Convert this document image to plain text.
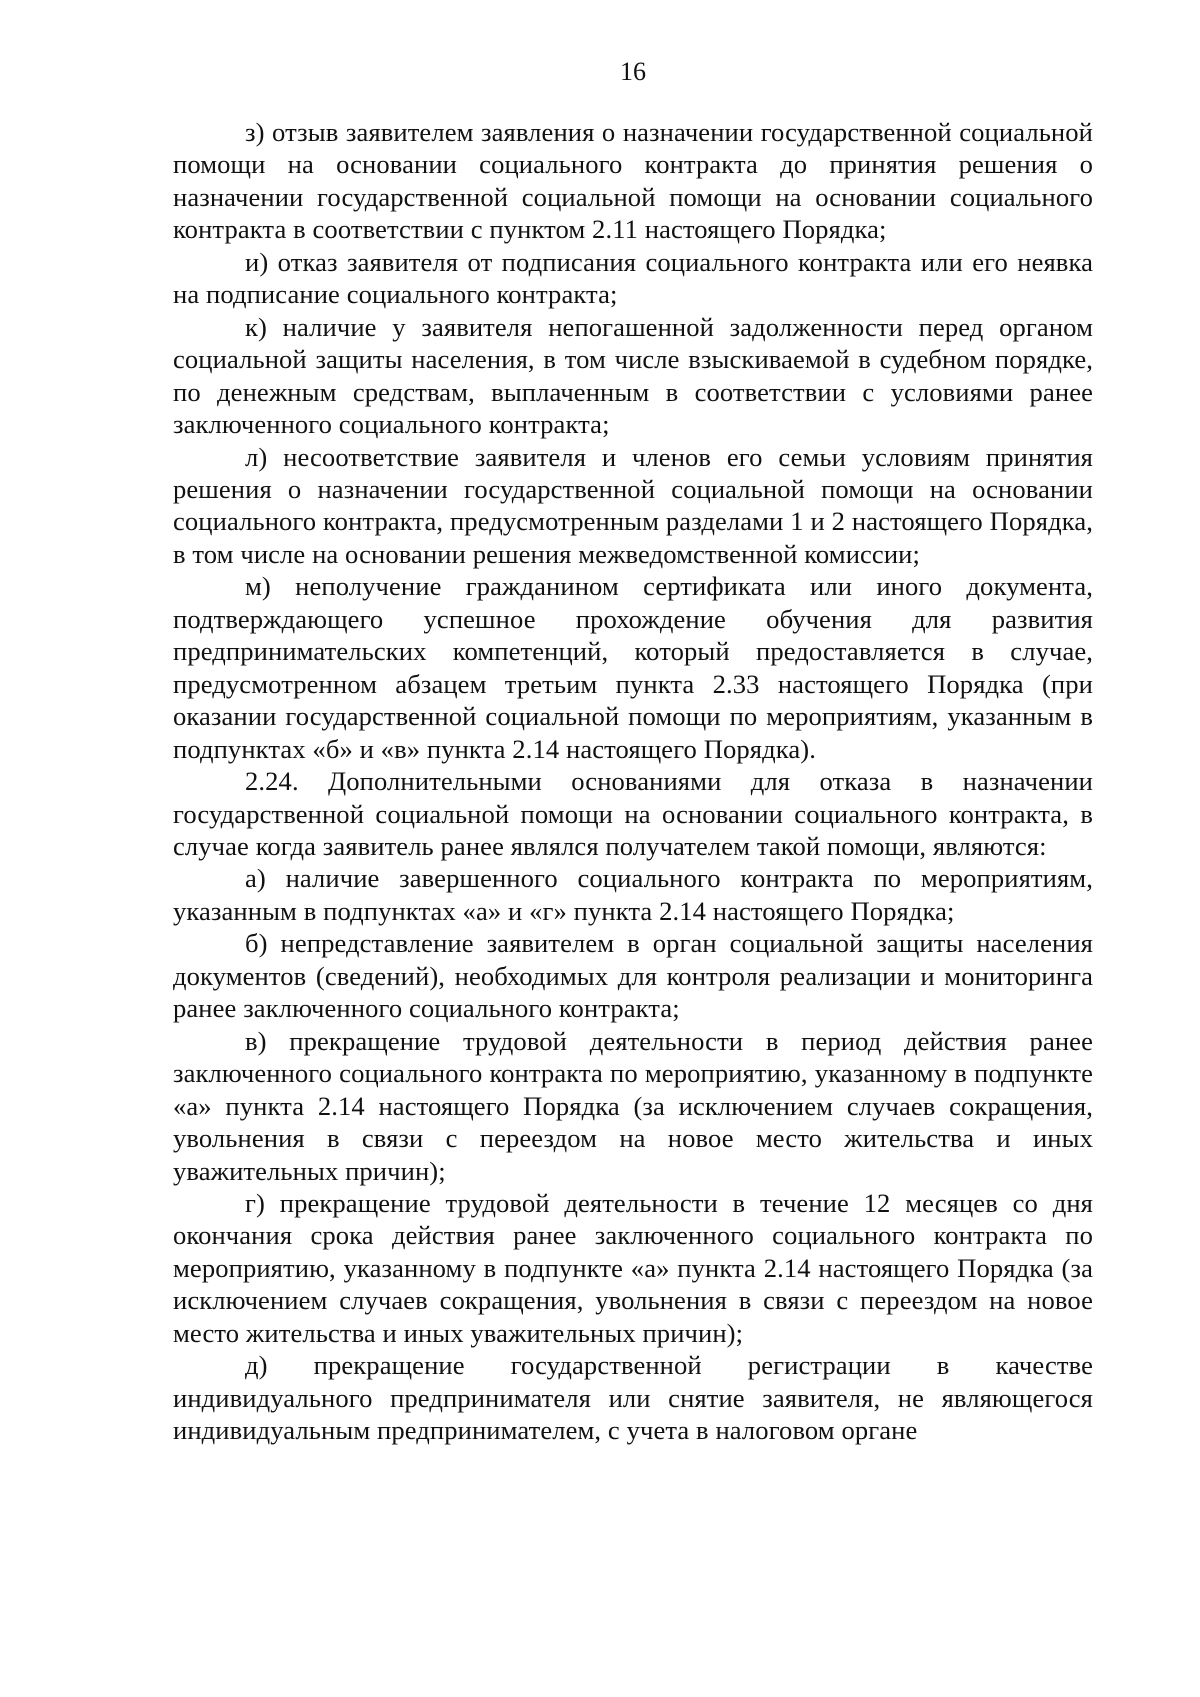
16

з) отзыв заявителем заявления о назначении государственной социальной помощи на основании социального контракта до принятия решения о назначении государственной социальной помощи на основании социального контракта в соответствии с пунктом 2.11 настоящего Порядка;

и) отказ заявителя от подписания социального контракта или его неявка на подписание социального контракта;

к) наличие у заявителя непогашенной задолженности перед органом социальной защиты населения, в том числе взыскиваемой в судебном порядке, по денежным средствам, выплаченным в соответствии с условиями ранее заключенного социального контракта;

л) несоответствие заявителя и членов его семьи условиям принятия решения о назначении государственной социальной помощи на основании социального контракта, предусмотренным разделами 1 и 2 настоящего Порядка, в том числе на основании решения межведомственной комиссии;

м) неполучение гражданином сертификата или иного документа, подтверждающего успешное прохождение обучения для развития предпринимательских компетенций, который предоставляется в случае, предусмотренном абзацем третьим пункта 2.33 настоящего Порядка (при оказании государственной социальной помощи по мероприятиям, указанным в подпунктах «б» и «в» пункта 2.14 настоящего Порядка).

2.24. Дополнительными основаниями для отказа в назначении государственной социальной помощи на основании социального контракта, в случае когда заявитель ранее являлся получателем такой помощи, являются:

а) наличие завершенного социального контракта по мероприятиям, указанным в подпунктах «а» и «г» пункта 2.14 настоящего Порядка;

б) непредставление заявителем в орган социальной защиты населения документов (сведений), необходимых для контроля реализации и мониторинга ранее заключенного социального контракта;

в) прекращение трудовой деятельности в период действия ранее заключенного социального контракта по мероприятию, указанному в подпункте «а» пункта 2.14 настоящего Порядка (за исключением случаев сокращения, увольнения в связи с переездом на новое место жительства и иных уважительных причин);

г) прекращение трудовой деятельности в течение 12 месяцев со дня окончания срока действия ранее заключенного социального контракта по мероприятию, указанному в подпункте «а» пункта 2.14 настоящего Порядка (за исключением случаев сокращения, увольнения в связи с переездом на новое место жительства и иных уважительных причин);

д) прекращение государственной регистрации в качестве индивидуального предпринимателя или снятие заявителя, не являющегося индивидуальным предпринимателем, с учета в налоговом органе
